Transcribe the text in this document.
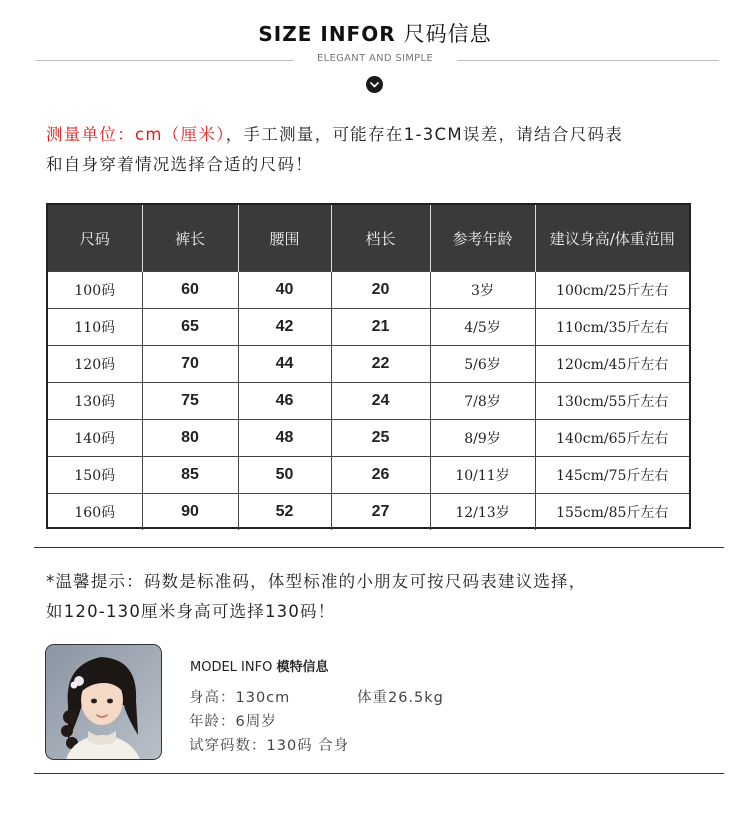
SIZE INFOR 尺码信息
ELEGANT AND SIMPLE
测量单位：cm（厘米），手工测量，可能存在1-3CM误差，请结合尺码表
和自身穿着情况选择合适的尺码！
尺码	裤长	腰围	档长	参考年龄	建议身高/体重范围
100码	60	40	20	3岁	100cm/25斤左右
110码	65	42	21	4/5岁	110cm/35斤左右
120码	70	44	22	5/6岁	120cm/45斤左右
130码	75	46	24	7/8岁	130cm/55斤左右
140码	80	48	25	8/9岁	140cm/65斤左右
150码	85	50	26	10/11岁	145cm/75斤左右
160码	90	52	27	12/13岁	155cm/85斤左右
*温馨提示：码数是标准码，体型标准的小朋友可按尺码表建议选择，
如120-130厘米身高可选择130码！
MODEL INFO 模特信息
身高：130cm	体重26.5kg
年龄：6周岁
试穿码数：130码 合身
